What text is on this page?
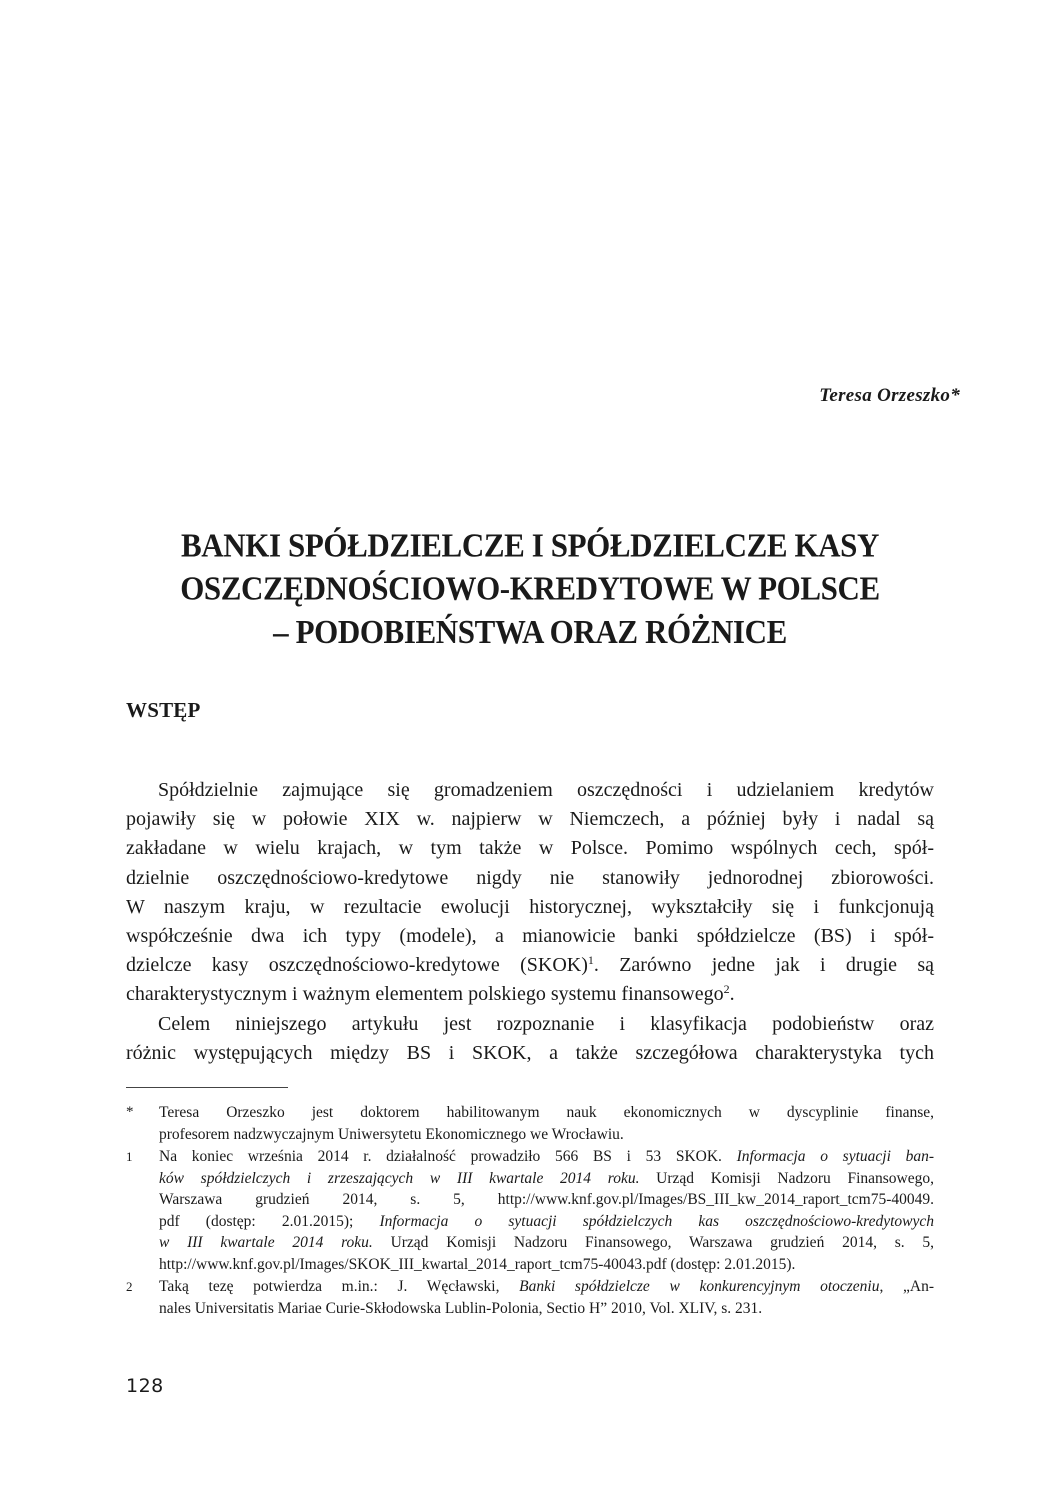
Teresa Orzeszko*
BANKI SPÓŁDZIELCZE I SPÓŁDZIELCZE KASY
OSZCZĘDNOŚCIOWO-KREDYTOWE W POLSCE
– PODOBIEŃSTWA ORAZ RÓŻNICE
WSTĘP
Spółdzielnie zajmujące się gromadzeniem oszczędności i udzielaniem kredytów
pojawiły się w połowie XIX w. najpierw w Niemczech, a później były i nadal są
zakładane w wielu krajach, w tym także w Polsce. Pomimo wspólnych cech, spół-
dzielnie oszczędnościowo-kredytowe nigdy nie stanowiły jednorodnej zbiorowości.
W naszym kraju, w rezultacie ewolucji historycznej, wykształciły się i funkcjonują
współcześnie dwa ich typy (modele), a mianowicie banki spółdzielcze (BS) i spół-
dzielcze kasy oszczędnościowo-kredytowe (SKOK)$^1$. Zarówno jedne jak i drugie są
charakterystycznym i ważnym elementem polskiego systemu finansowego$^2$.
Celem niniejszego artykułu jest rozpoznanie i klasyfikacja podobieństw oraz
różnic występujących między BS i SKOK, a także szczegółowa charakterystyka tych
* Teresa Orzeszko jest doktorem habilitowanym nauk ekonomicznych w dyscyplinie finanse,
profesorem nadzwyczajnym Uniwersytetu Ekonomicznego we Wrocławiu.
1 Na koniec września 2014 r. działalność prowadziło 566 BS i 53 SKOK. Informacja o sytuacji ban-
ków spółdzielczych i zrzeszających w III kwartale 2014 roku. Urząd Komisji Nadzoru Finansowego,
Warszawa grudzień 2014, s. 5, http://www.knf.gov.pl/Images/BS_III_kw_2014_raport_tcm75-40049.
pdf (dostęp: 2.01.2015); Informacja o sytuacji spółdzielczych kas oszczędnościowo-kredytowych
w III kwartale 2014 roku. Urząd Komisji Nadzoru Finansowego, Warszawa grudzień 2014, s. 5,
http://www.knf.gov.pl/Images/SKOK_III_kwartal_2014_raport_tcm75-40043.pdf (dostęp: 2.01.2015).
2 Taką tezę potwierdza m.in.: J. Węcławski, Banki spółdzielcze w konkurencyjnym otoczeniu, „An-
nales Universitatis Mariae Curie-Skłodowska Lublin-Polonia, Sectio H” 2010, Vol. XLIV, s. 231.
128
